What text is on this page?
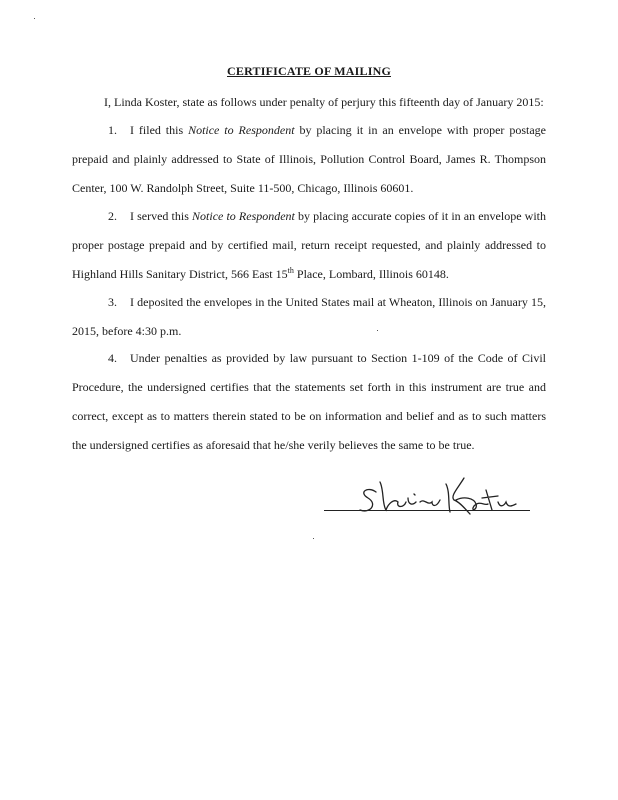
CERTIFICATE OF MAILING
I, Linda Koster, state as follows under penalty of perjury this fifteenth day of January 2015:
1. I filed this Notice to Respondent by placing it in an envelope with proper postage prepaid and plainly addressed to State of Illinois, Pollution Control Board, James R. Thompson Center, 100 W. Randolph Street, Suite 11-500, Chicago, Illinois 60601.
2. I served this Notice to Respondent by placing accurate copies of it in an envelope with proper postage prepaid and by certified mail, return receipt requested, and plainly addressed to Highland Hills Sanitary District, 566 East 15th Place, Lombard, Illinois 60148.
3. I deposited the envelopes in the United States mail at Wheaton, Illinois on January 15, 2015, before 4:30 p.m.
4. Under penalties as provided by law pursuant to Section 1-109 of the Code of Civil Procedure, the undersigned certifies that the statements set forth in this instrument are true and correct, except as to matters therein stated to be on information and belief and as to such matters the undersigned certifies as aforesaid that he/she verily believes the same to be true.
